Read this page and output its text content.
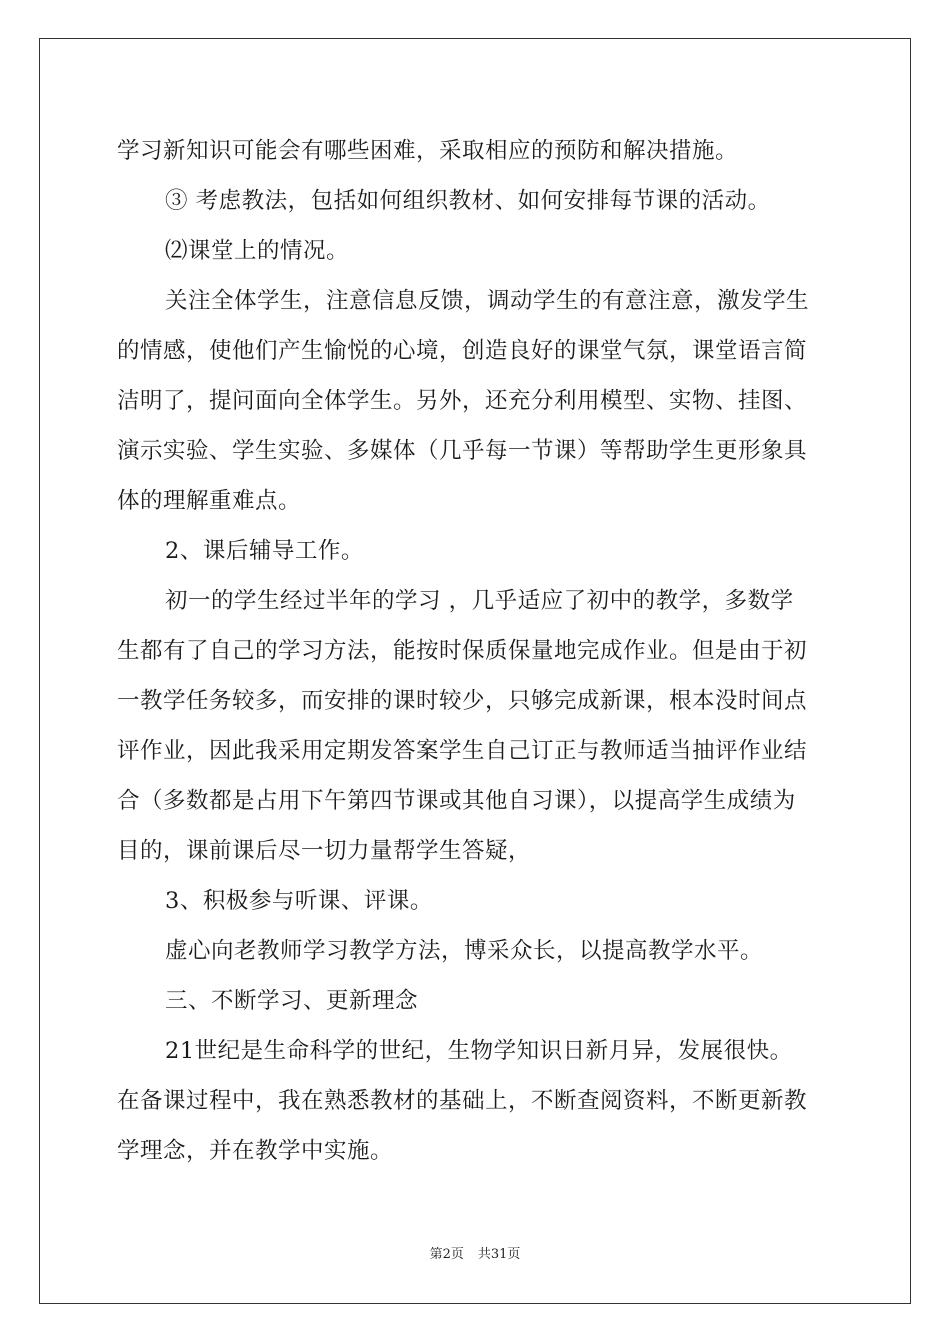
学习新知识可能会有哪些困难，采取相应的预防和解决措施。
③ 考虑教法，包括如何组织教材、如何安排每节课的活动。
⑵课堂上的情况。
关注全体学生，注意信息反馈，调动学生的有意注意，激发学生
的情感，使他们产生愉悦的心境，创造良好的课堂气氛，课堂语言简
洁明了，提问面向全体学生。另外，还充分利用模型、实物、挂图、
演示实验、学生实验、多媒体（几乎每一节课）等帮助学生更形象具
体的理解重难点。
2、课后辅导工作。
初一的学生经过半年的学习 ，几乎适应了初中的教学，多数学
生都有了自己的学习方法，能按时保质保量地完成作业。但是由于初
一教学任务较多，而安排的课时较少，只够完成新课，根本没时间点
评作业，因此我采用定期发答案学生自己订正与教师适当抽评作业结
合（多数都是占用下午第四节课或其他自习课），以提高学生成绩为
目的，课前课后尽一切力量帮学生答疑，
3、积极参与听课、评课。
虚心向老教师学习教学方法，博采众长，以提高教学水平。
三、不断学习、更新理念
21世纪是生命科学的世纪，生物学知识日新月异，发展很快。
在备课过程中，我在熟悉教材的基础上，不断查阅资料，不断更新教
学理念，并在教学中实施。
第2页 共31页
